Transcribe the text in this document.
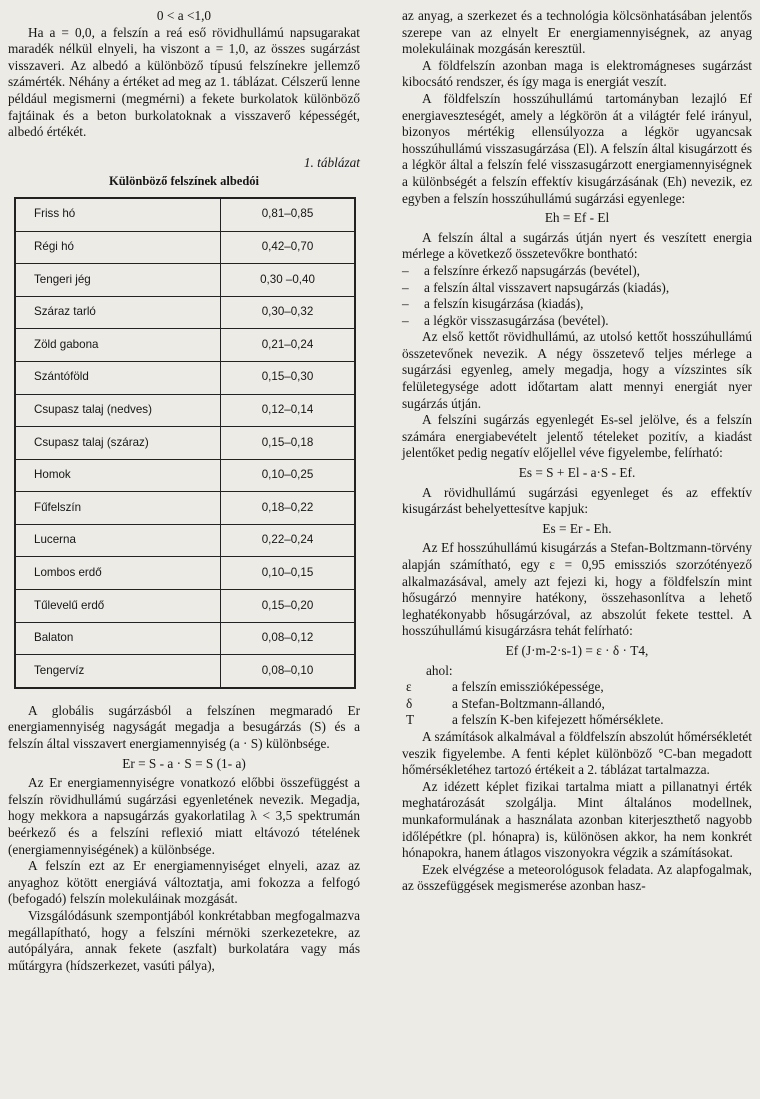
0 < a <1,0

Ha a = 0,0, a felszín a reá eső rövidhullámú napsugarakat maradék nélkül elnyeli, ha viszont a = 1,0, az összes sugárzást visszaveri. Az albedó a különböző típusú felszínekre jellemző számérték. Néhány a értéket ad meg az 1. táblázat. Célszerű lenne például megismerni (megmérni) a fekete burkolatok különböző fajtáinak és a beton burkolatoknak a visszaverő képességét, albedó értékét.

1. táblázat

Különböző felszínek albedói

Friss hó	0,81–0,85
Régi hó	0,42–0,70
Tengeri jég	0,30 –0,40
Száraz tarló	0,30–0,32
Zöld gabona	0,21–0,24
Szántóföld	0,15–0,30
Csupasz talaj (nedves)	0,12–0,14
Csupasz talaj (száraz)	0,15–0,18
Homok	0,10–0,25
Fűfelszín	0,18–0,22
Lucerna	0,22–0,24
Lombos erdő	0,10–0,15
Tűlevelű erdő	0,15–0,20
Balaton	0,08–0,12
Tengervíz	0,08–0,10

A globális sugárzásból a felszínen megmaradó Er energiamennyiség nagyságát megadja a besugárzás (S) és a felszín által visszavert energiamennyiség (a · S) különbsége.

Er = S - a · S = S (1- a)

Az Er energiamennyiségre vonatkozó előbbi összefüggést a felszín rövidhullámú sugárzási egyenletének nevezik. Megadja, hogy mekkora a napsugárzás gyakorlatilag λ < 3,5 spektrumán beérkező és a felszíni reflexió miatt eltávozó tételének (energiamennyiségének) a különbsége.

A felszín ezt az Er energiamennyiséget elnyeli, azaz az anyaghoz kötött energiává változtatja, ami fokozza a felfogó (befogadó) felszín molekuláinak mozgását.

Vizsgálódásunk szempontjából konkrétabban megfogalmazva megállapítható, hogy a felszíni mérnöki szerkezetekre, az autópályára, annak fekete (aszfalt) burkolatára vagy más műtárgyra (hídszerkezet, vasúti pálya),

az anyag, a szerkezet és a technológia kölcsönhatásában jelentős szerepe van az elnyelt Er energiamennyiségnek, az anyag molekuláinak mozgásán keresztül.

A földfelszín azonban maga is elektromágneses sugárzást kibocsátó rendszer, és így maga is energiát veszít.

A földfelszín hosszúhullámú tartományban lezajló Ef energiaveszteségét, amely a légkörön át a világtér felé irányul, bizonyos mértékig ellensúlyozza a légkör ugyancsak hosszúhullámú visszasugárzása (El). A felszín által kisugárzott és a légkör által a felszín felé visszasugárzott energiamennyiségnek a különbségét a felszín effektív kisugárzásának (Eh) nevezik, ez egyben a felszín hosszúhullámú sugárzási egyenlege:

Eh = Ef - El

A felszín által a sugárzás útján nyert és veszített energia mérlege a következő összetevőkre bontható:

– a felszínre érkező napsugárzás (bevétel),
– a felszín által visszavert napsugárzás (kiadás),
– a felszín kisugárzása (kiadás),
– a légkör visszasugárzása (bevétel).

Az első kettőt rövidhullámú, az utolsó kettőt hosszúhullámú összetevőnek nevezik. A négy összetevő teljes mérlege a sugárzási egyenleg, amely megadja, hogy a vízszintes sík felületegysége adott időtartam alatt mennyi energiát nyer sugárzás útján.

A felszíni sugárzás egyenlegét Es-sel jelölve, és a felszín számára energiabevételt jelentő tételeket pozitív, a kiadást jelentőket pedig negatív előjellel véve figyelembe, felírható:

Es = S + El - a·S - Ef.

A rövidhullámú sugárzási egyenleget és az effektív kisugárzást behelyettesítve kapjuk:

Es = Er - Eh.

Az Ef hosszúhullámú kisugárzás a Stefan-Boltzmann-törvény alapján számítható, egy ε = 0,95 emissziós szorzótényező alkalmazásával, amely azt fejezi ki, hogy a földfelszín mint hősugárzó mennyire hatékony, összehasonlítva a lehető leghatékonyabb hősugárzóval, az abszolút fekete testtel. A hosszúhullámú kisugárzásra tehát felírható:

Ef (J·m-2·s-1) = ε · δ · T4,

ahol:

ε	a felszín emisszióképessége,
δ	a Stefan-Boltzmann-állandó,
T	a felszín K-ben kifejezett hőmérséklete.

A számítások alkalmával a földfelszín abszolút hőmérsékletét veszik figyelembe. A fenti képlet különböző °C-ban megadott hőmérsékletéhez tartozó értékeit a 2. táblázat tartalmazza.

Az idézett képlet fizikai tartalma miatt a pillanatnyi érték meghatározását szolgálja. Mint általános modellnek, munkaformulának a használata azonban kiterjeszthető nagyobb időlépétkre (pl. hónapra) is, különösen akkor, ha nem konkrét hónapokra, hanem átlagos viszonyokra végzik a számításokat.

Ezek elvégzése a meteorológusok feladata. Az alapfogalmak, az összefüggések megismerése azonban hasz-
